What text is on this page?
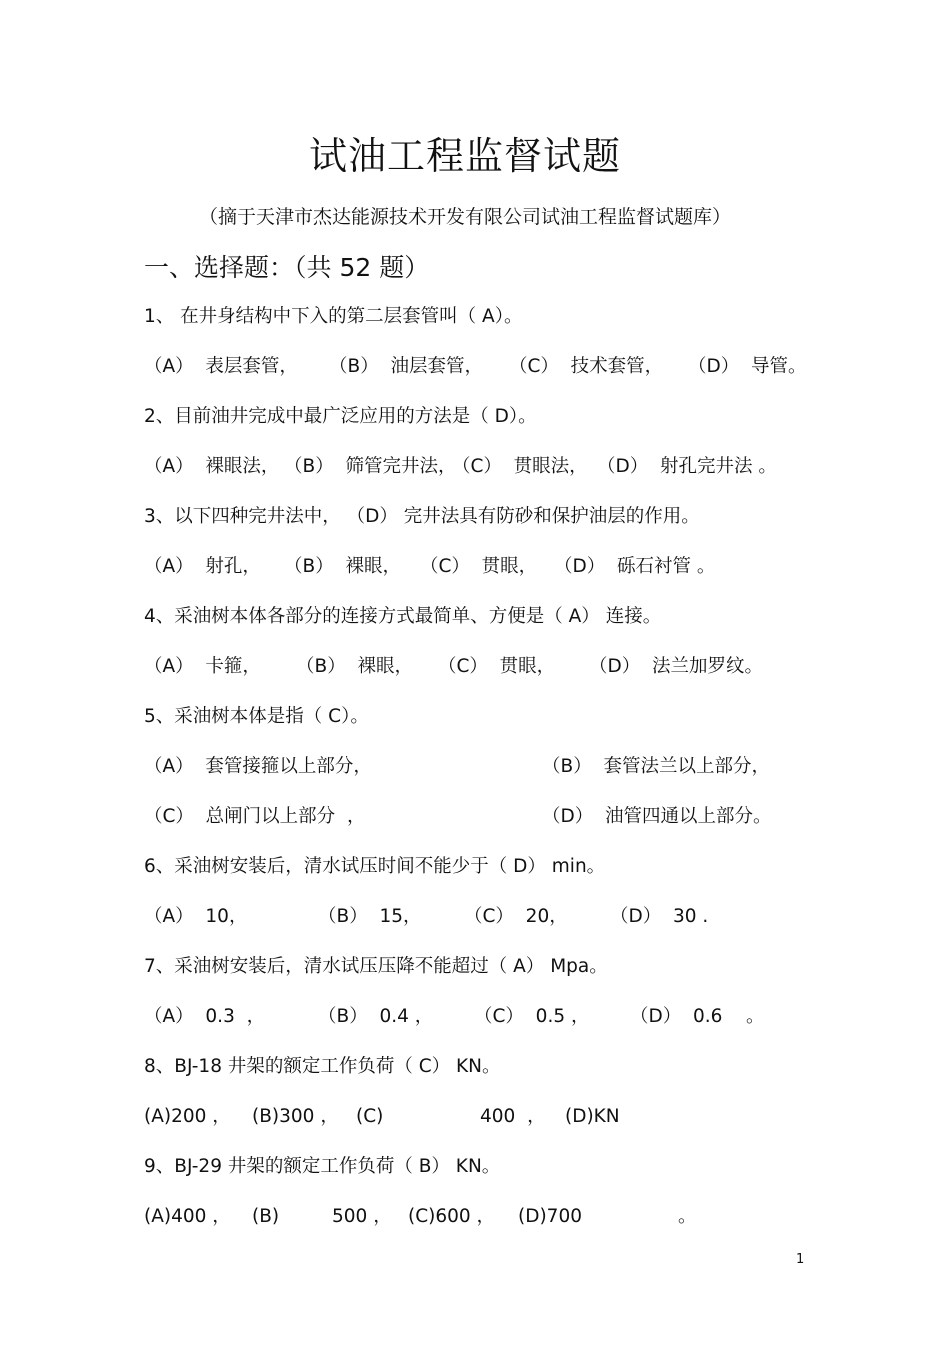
试油工程监督试题
（摘于天津市杰达能源技术开发有限公司试油工程监督试题库）
一、选择题：（共 52 题）
1、 在井身结构中下入的第二层套管叫（ A）。
（A）  表层套管， （B）  油层套管， （C）  技术套管， （D）  导管。
2、目前油井完成中最广泛应用的方法是（ D）。
（A）  裸眼法， （B）  筛管完井法，
（C）  贯眼法， （D）  射孔完井法 。
3、以下四种完井法中， （D） 完井法具有防砂和保护油层的作用。
（A）  射孔， （B）  裸眼， （C）  贯眼， （D）  砾石衬管 。
4、采油树本体各部分的连接方式最简单、方便是（ A） 连接。
（A）  卡箍， （B）  裸眼， （C）  贯眼， （D）  法兰加罗纹。
5、采油树本体是指（ C）。
（A）  套管接箍以上部分，	（B）  套管法兰以上部分，
（C）  总闸门以上部分  ，	（D）  油管四通以上部分。
6、采油树安装后，清水试压时间不能少于（ D） min。
（A）  10，	（B）  15， （C）  20， （D）  30 .
7、采油树安装后，清水试压压降不能超过（ A） Mpa。
（A）  0.3  ，	（B）  0.4 ， （C）  0.5 ， （D）  0.6    。
8、BJ-18 井架的额定工作负荷（ C） KN。
(A)200 ， (B)300 ， (C)	400  ， (D)KN
9、BJ-29 井架的额定工作负荷（ B） KN。
(A)400 ， (B)	500 ， (C)600 ， (D)700	。
1
